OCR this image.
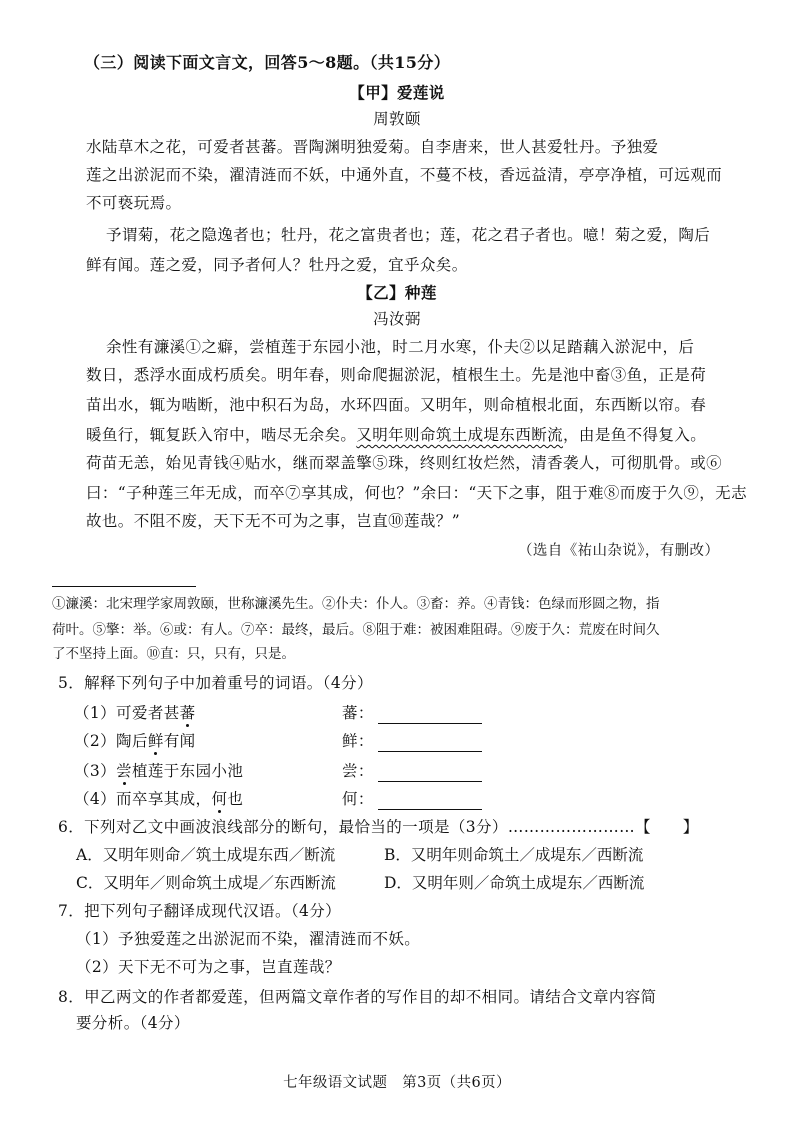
（三）阅读下面文言文，回答5～8题。（共15分）
【甲】爱莲说
周敦颐
水陆草木之花，可爱者甚蕃。晋陶渊明独爱菊。自李唐来，世人甚爱牡丹。予独爱
莲之出淤泥而不染，濯清涟而不妖，中通外直，不蔓不枝，香远益清，亭亭净植，可远观而
不可亵玩焉。
予谓菊，花之隐逸者也；牡丹，花之富贵者也；莲，花之君子者也。噫！菊之爱，陶后
鲜有闻。莲之爱，同予者何人？牡丹之爱，宜乎众矣。
【乙】种莲
冯汝弼
余性有濂溪①之癖，尝植莲于东园小池，时二月水寒，仆夫②以足踏藕入淤泥中，后
数日，悉浮水面成朽质矣。明年春，则命爬掘淤泥，植根生土。先是池中畜③鱼，正是荷
苗出水，辄为啮断，池中积石为岛，水环四面。又明年，则命植根北面，东西断以帘。春
暖鱼行，辄复跃入帘中，啮尽无余矣。又明年则命筑土成堤东西断流，由是鱼不得复入。
荷苗无恙，始见青钱④贴水，继而翠盖擎⑤珠，终则红妆烂然，清香袭人，可彻肌骨。或⑥
曰：“子种莲三年无成，而卒⑦享其成，何也？”余曰：“天下之事，阻于难⑧而废于久⑨，无志
故也。不阻不废，天下无不可为之事，岂直⑩莲哉？”
（选自《祐山杂说》，有删改）
①濂溪：北宋理学家周敦颐，世称濂溪先生。②仆夫：仆人。③畜：养。④青钱：色绿而形圆之物，指
荷叶。⑤擎：举。⑥或：有人。⑦卒：最终，最后。⑧阻于难：被困难阻碍。⑨废于久：荒废在时间久
了不坚持上面。⑩直：只，只有，只是。
5．解释下列句子中加着重号的词语。（4分）
（1）可爱者甚蕃	蕃：
（2）陶后鲜有闻	鲜：
（3）尝植莲于东园小池	尝：
（4）而卒享其成，何也	何：
6．下列对乙文中画波浪线部分的断句，最恰当的一项是（3分）……………………【　　】
A．又明年则命／筑土成堤东西／断流	B．又明年则命筑土／成堤东／西断流
C．又明年／则命筑土成堤／东西断流	D．又明年则／命筑土成堤东／西断流
7．把下列句子翻译成现代汉语。（4分）
（1）予独爱莲之出淤泥而不染，濯清涟而不妖。
（2）天下无不可为之事，岂直莲哉？
8．甲乙两文的作者都爱莲，但两篇文章作者的写作目的却不相同。请结合文章内容简
要分析。（4分）
七年级语文试题　第3页（共6页）
